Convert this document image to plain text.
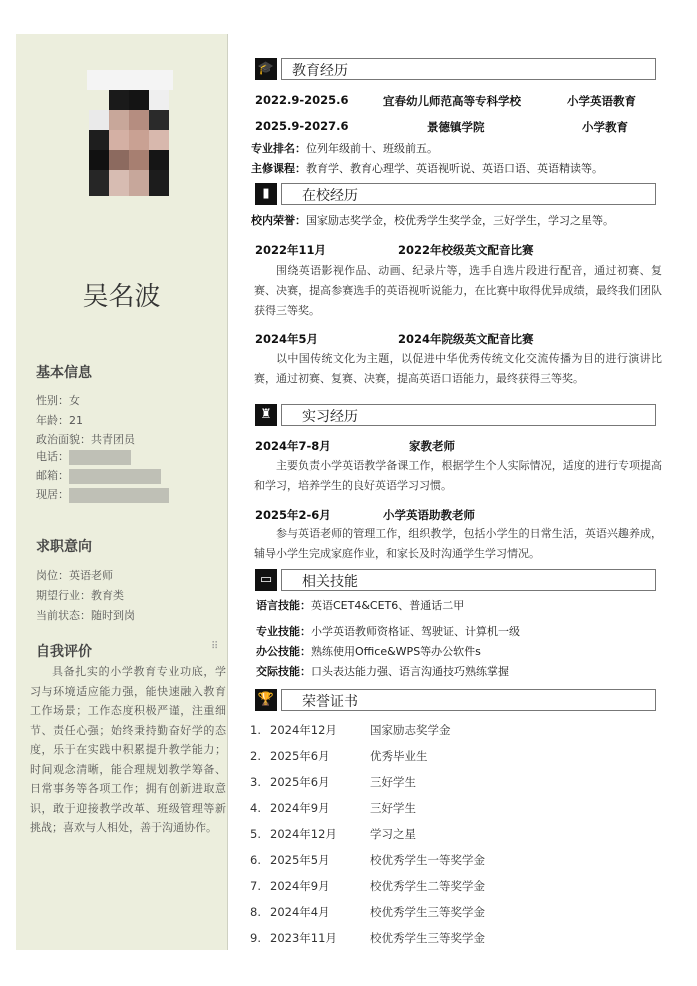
吴名波
基本信息
性别：女
年龄：21
政治面貌：共青团员
电话：
邮箱：
现居：
求职意向
岗位：英语老师
期望行业：教育类
当前状态：随时到岗
自我评价	⠿
具备扎实的小学教育专业功底，学习与环境适应能力强，能快速融入教育工作场景；工作态度积极严谨，注重细节、责任心强；始终秉持勤奋好学的态度，乐于在实践中积累提升教学能力；时间观念清晰，能合理规划教学筹备、日常事务等各项工作；拥有创新进取意识，敢于迎接教学改革、班级管理等新挑战；喜欢与人相处，善于沟通协作。
🎓 教育经历
2022.9-2025.6	宜春幼儿师范高等专科学校	小学英语教育
2025.9-2027.6	景德镇学院	小学教育
专业排名：位列年级前十、班级前五。
主修课程：教育学、教育心理学、英语视听说、英语口语、英语精读等。
▮	在校经历
校内荣誉：国家励志奖学金，校优秀学生奖学金，三好学生，学习之星等。
2022年11月	2022年校级英文配音比赛
围绕英语影视作品、动画、纪录片等，选手自选片段进行配音，通过初赛、复赛、决赛，提高参赛选手的英语视听说能力，在比赛中取得优异成绩，最终我们团队获得三等奖。
2024年5月	2024年院级英文配音比赛
以中国传统文化为主题，以促进中华优秀传统文化交流传播为目的进行演讲比赛，通过初赛、复赛、决赛，提高英语口语能力，最终获得三等奖。
♜	实习经历
2024年7-8月	家教老师
主要负责小学英语教学备课工作，根据学生个人实际情况，适度的进行专项提高和学习，培养学生的良好英语学习习惯。
2025年2-6月	小学英语助教老师
参与英语老师的管理工作，组织教学，包括小学生的日常生活，英语兴趣养成，辅导小学生完成家庭作业，和家长及时沟通学生学习情况。
▭	相关技能
语言技能：英语CET4&CET6、普通话二甲
专业技能：小学英语教师资格证、驾驶证、计算机一级
办公技能：熟练使用Office&WPS等办公软件s
交际技能：口头表达能力强、语言沟通技巧熟练掌握
🏆 荣誉证书
1. 2024年12月	国家励志奖学金
2. 2025年6月	优秀毕业生
3. 2025年6月	三好学生
4. 2024年9月	三好学生
5. 2024年12月	学习之星
6. 2025年5月	校优秀学生一等奖学金
7. 2024年9月	校优秀学生二等奖学金
8. 2024年4月	校优秀学生三等奖学金
9. 2023年11月	校优秀学生三等奖学金
